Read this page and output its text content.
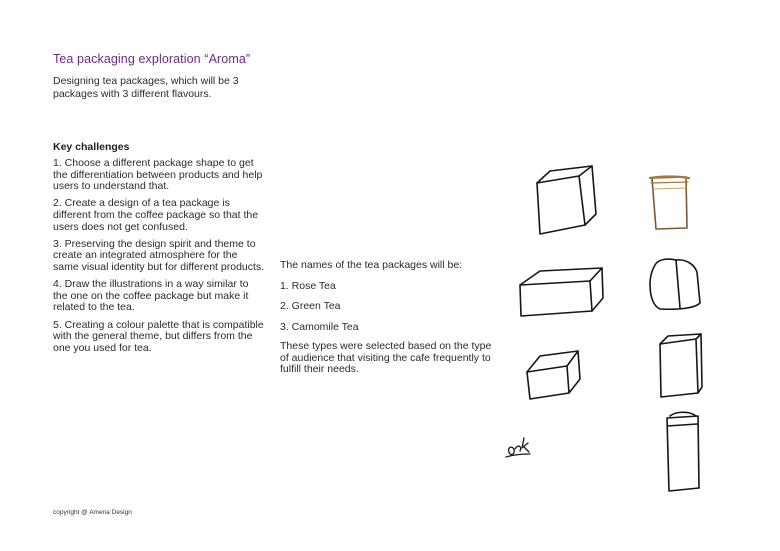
Tea packaging exploration “Aroma”
Designing tea packages, which will be 3 packages with 3 different flavours.
Key challenges

1. Choose a different package shape to get the differentiation between products and help users to understand that.

2. Create a design of a tea package is different from the coffee package so that the users does not get confused.

3. Preserving the design spirit and theme to create an integrated atmosphere for the same visual identity but for different products.

4. Draw the illustrations in a way similar to the one on the coffee package but make it related to the tea.

5. Creating a colour palette that is compatible with the general theme, but differs from the one you used for tea.

The names of the tea packages will be:

1. Rose Tea

2. Green Tea

3. Camomile Tea

These types were selected based on the type of audience that visiting the cafe frequently to fulfill their needs.

copyright @ Amena Design
